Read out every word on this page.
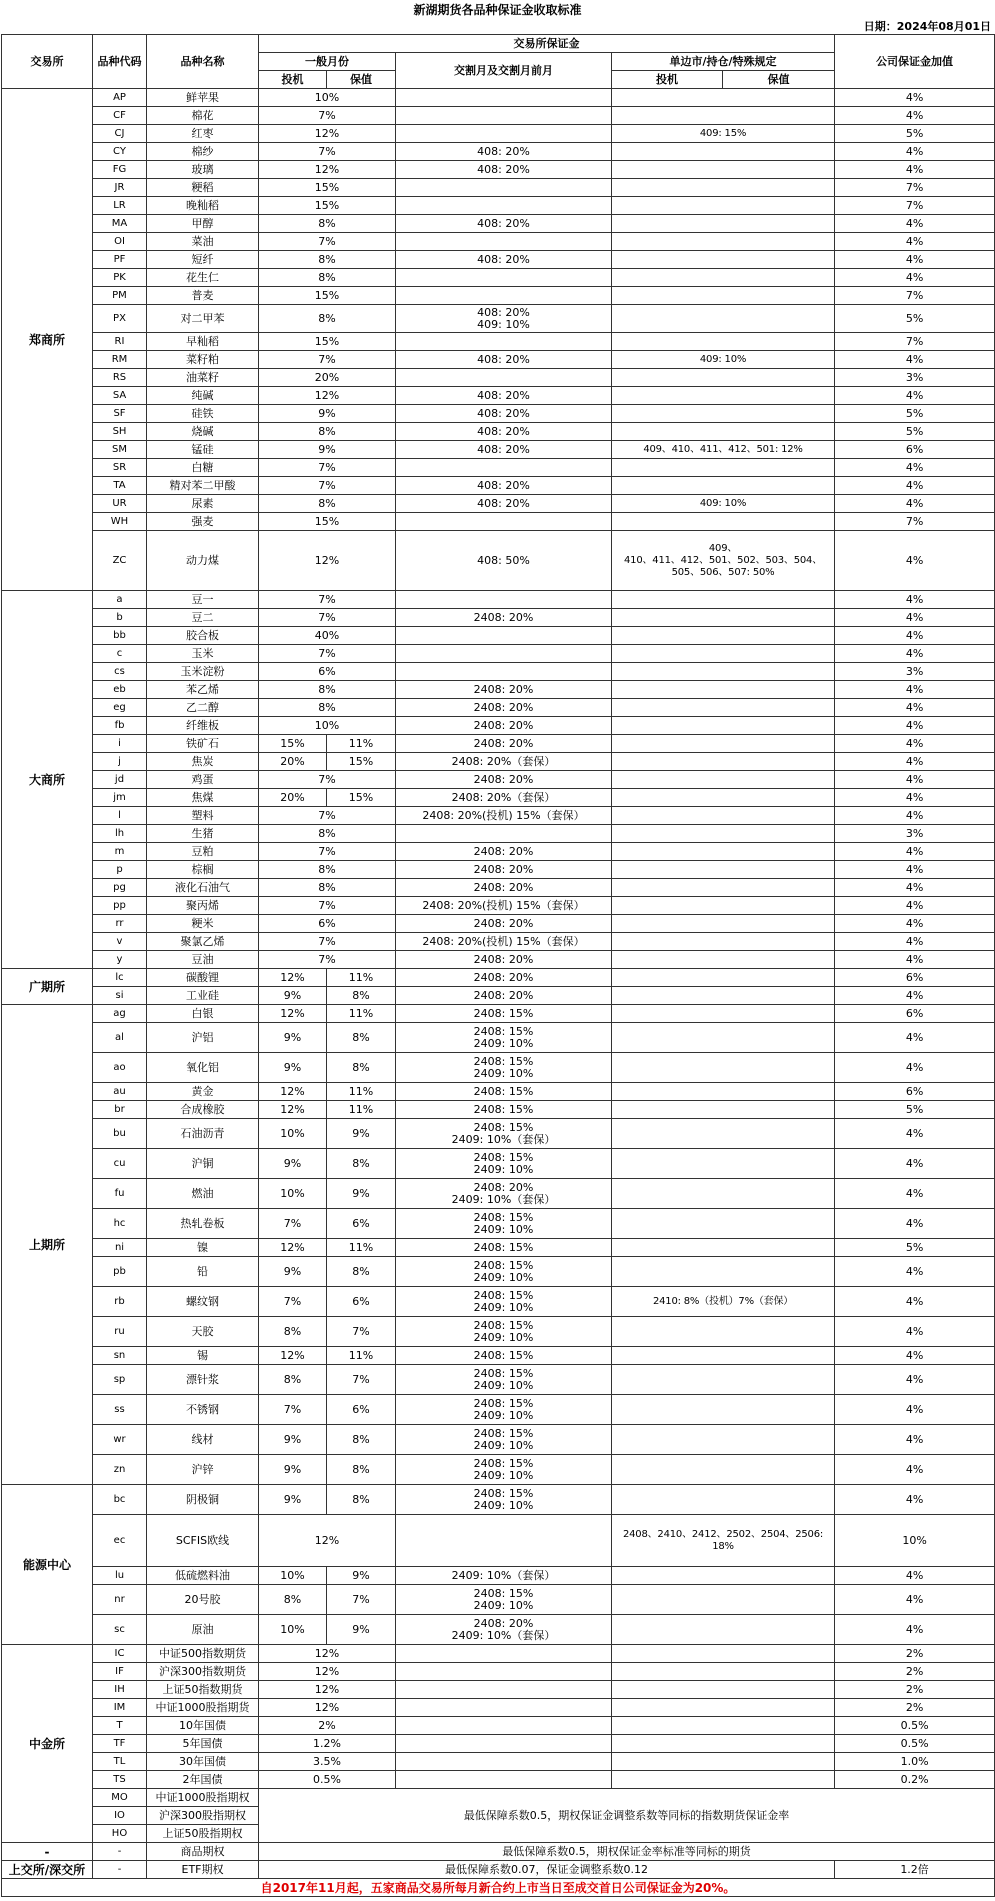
新湖期货各品种保证金收取标准
日期：2024年08月01日
交易所	品种代码	品种名称	交易所保证金					公司保证金加值
			一般月份		交割月及交割月前月	单边市/持仓/特殊规定		
			投机	保值		投机	保值	
郑商所	AP	鲜苹果	10%					4%
	CF	棉花	7%					4%
	CJ	红枣	12%			409: 15%		5%
	CY	棉纱	7%		408: 20%			4%
	FG	玻璃	12%		408: 20%			4%
	JR	粳稻	15%					7%
	LR	晚籼稻	15%					7%
	MA	甲醇	8%		408: 20%			4%
	OI	菜油	7%					4%
	PF	短纤	8%		408: 20%			4%
	PK	花生仁	8%					4%
	PM	普麦	15%					7%
	PX	对二甲苯	8%		408: 20%
409: 10%			5%
	RI	早籼稻	15%					7%
	RM	菜籽粕	7%		408: 20%	409: 10%		4%
	RS	油菜籽	20%					3%
	SA	纯碱	12%		408: 20%			4%
	SF	硅铁	9%		408: 20%			5%
	SH	烧碱	8%		408: 20%			5%
	SM	锰硅	9%		408: 20%	409、410、411、412、501: 12%		6%
	SR	白糖	7%					4%
	TA	精对苯二甲酸	7%		408: 20%			4%
	UR	尿素	8%		408: 20%	409: 10%		4%
	WH	强麦	15%					7%
	ZC	动力煤	12%		408: 50%	409、
410、411、412、501、502、503、504、
505、506、507: 50%		4%
大商所	a	豆一	7%					4%
	b	豆二	7%		2408: 20%			4%
	bb	胶合板	40%					4%
	c	玉米	7%					4%
	cs	玉米淀粉	6%					3%
	eb	苯乙烯	8%		2408: 20%			4%
	eg	乙二醇	8%		2408: 20%			4%
	fb	纤维板	10%		2408: 20%			4%
	i	铁矿石	15%	11%	2408: 20%			4%
	j	焦炭	20%	15%	2408: 20%（套保）			4%
	jd	鸡蛋	7%		2408: 20%			4%
	jm	焦煤	20%	15%	2408: 20%（套保）			4%
	l	塑料	7%		2408: 20%(投机) 15%（套保）			4%
	lh	生猪	8%					3%
	m	豆粕	7%		2408: 20%			4%
	p	棕榈	8%		2408: 20%			4%
	pg	液化石油气	8%		2408: 20%			4%
	pp	聚丙烯	7%		2408: 20%(投机) 15%（套保）			4%
	rr	粳米	6%		2408: 20%			4%
	v	聚氯乙烯	7%		2408: 20%(投机) 15%（套保）			4%
	y	豆油	7%		2408: 20%			4%
广期所	lc	碳酸锂	12%	11%	2408: 20%			6%
	si	工业硅	9%	8%	2408: 20%			4%
上期所	ag	白银	12%	11%	2408: 15%			6%
	al	沪铝	9%	8%	2408: 15%
2409: 10%			4%
	ao	氧化铝	9%	8%	2408: 15%
2409: 10%			4%
	au	黄金	12%	11%	2408: 15%			6%
	br	合成橡胶	12%	11%	2408: 15%			5%
	bu	石油沥青	10%	9%	2408: 15%
2409: 10%（套保）			4%
	cu	沪铜	9%	8%	2408: 15%
2409: 10%			4%
	fu	燃油	10%	9%	2408: 20%
2409: 10%（套保）			4%
	hc	热轧卷板	7%	6%	2408: 15%
2409: 10%			4%
	ni	镍	12%	11%	2408: 15%			5%
	pb	铅	9%	8%	2408: 15%
2409: 10%			4%
	rb	螺纹钢	7%	6%	2408: 15%
2409: 10%	2410: 8%（投机）7%（套保）		4%
	ru	天胶	8%	7%	2408: 15%
2409: 10%			4%
	sn	锡	12%	11%	2408: 15%			4%
	sp	漂针浆	8%	7%	2408: 15%
2409: 10%			4%
	ss	不锈钢	7%	6%	2408: 15%
2409: 10%			4%
	wr	线材	9%	8%	2408: 15%
2409: 10%			4%
	zn	沪锌	9%	8%	2408: 15%
2409: 10%			4%
能源中心	bc	阴极铜	9%	8%	2408: 15%
2409: 10%			4%
	ec	SCFIS欧线	12%			2408、2410、2412、2502、2504、2506:
18%		10%
	lu	低硫燃料油	10%	9%	2409: 10%（套保）			4%
	nr	20号胶	8%	7%	2408: 15%
2409: 10%			4%
	sc	原油	10%	9%	2408: 20%
2409: 10%（套保）			4%
中金所	IC	中证500指数期货	12%					2%
	IF	沪深300指数期货	12%					2%
	IH	上证50指数期货	12%					2%
	IM	中证1000股指期货	12%					2%
	T	10年国债	2%					0.5%
	TF	5年国债	1.2%					0.5%
	TL	30年国债	3.5%					1.0%
	TS	2年国债	0.5%					0.2%
	MO	中证1000股指期权	最低保障系数0.5，期权保证金调整系数等同标的指数期货保证金率					
	IO	沪深300股指期权						
	HO	上证50股指期权						
-	-	商品期权	最低保障系数0.5，期权保证金率标准等同标的期货					
上交所/深交所	-	ETF期权	最低保障系数0.07，保证金调整系数0.12					1.2倍
自2017年11月起，五家商品交易所每月新合约上市当日至成交首日公司保证金为20%。								
